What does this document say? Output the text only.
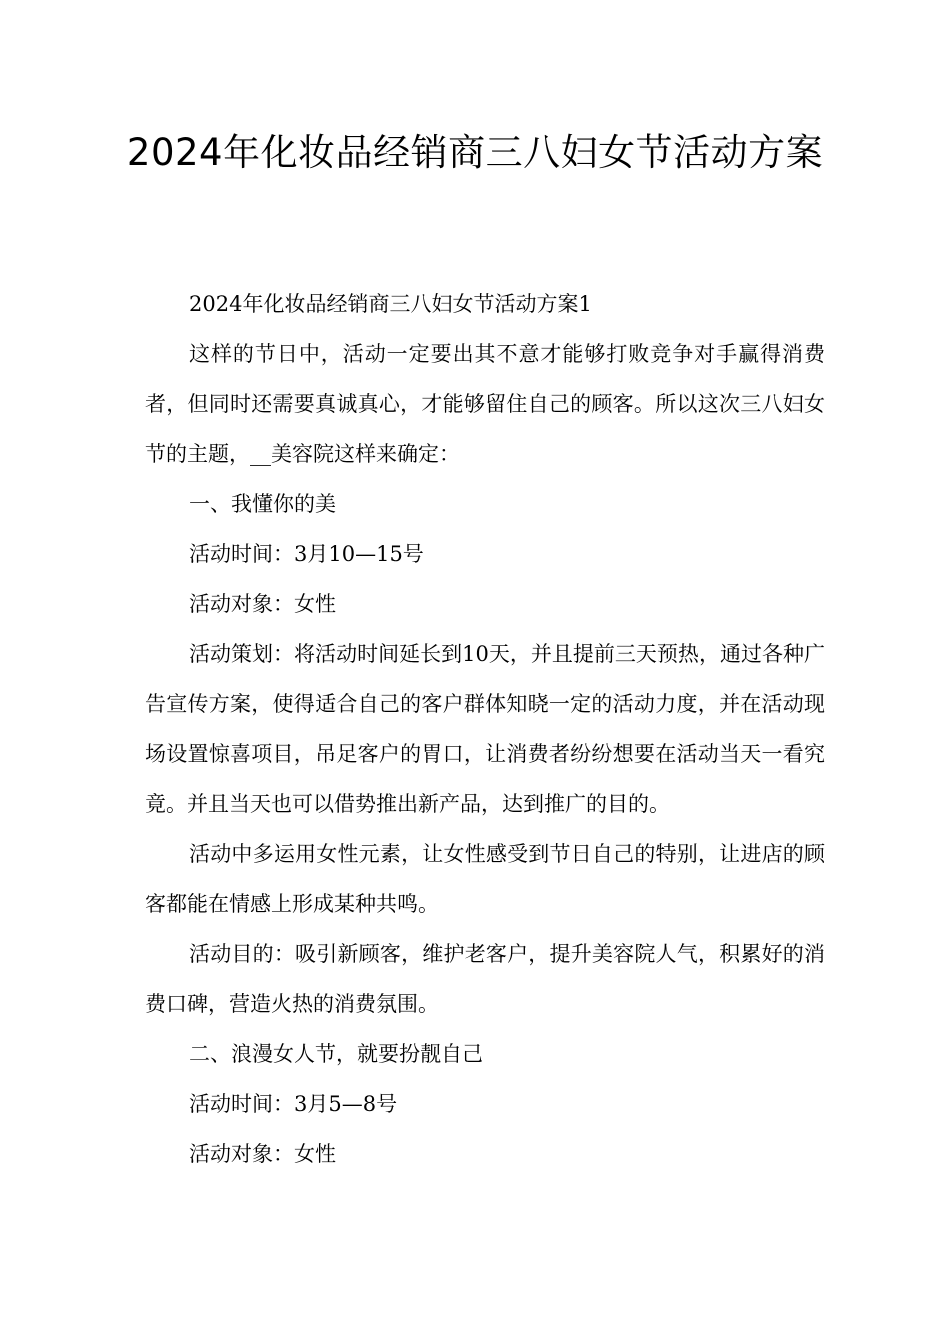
2024年化妆品经销商三八妇女节活动方案

2024年化妆品经销商三八妇女节活动方案1

这样的节日中，活动一定要出其不意才能够打败竞争对手赢得消费者，但同时还需要真诚真心，才能够留住自己的顾客。所以这次三八妇女节的主题，__美容院这样来确定：

一、我懂你的美

活动时间：3月10—15号

活动对象：女性

活动策划：将活动时间延长到10天，并且提前三天预热，通过各种广告宣传方案，使得适合自己的客户群体知晓一定的活动力度，并在活动现场设置惊喜项目，吊足客户的胃口，让消费者纷纷想要在活动当天一看究竟。并且当天也可以借势推出新产品，达到推广的目的。

活动中多运用女性元素，让女性感受到节日自己的特别，让进店的顾客都能在情感上形成某种共鸣。

活动目的：吸引新顾客，维护老客户，提升美容院人气，积累好的消费口碑，营造火热的消费氛围。

二、浪漫女人节，就要扮靓自己

活动时间：3月5—8号

活动对象：女性
